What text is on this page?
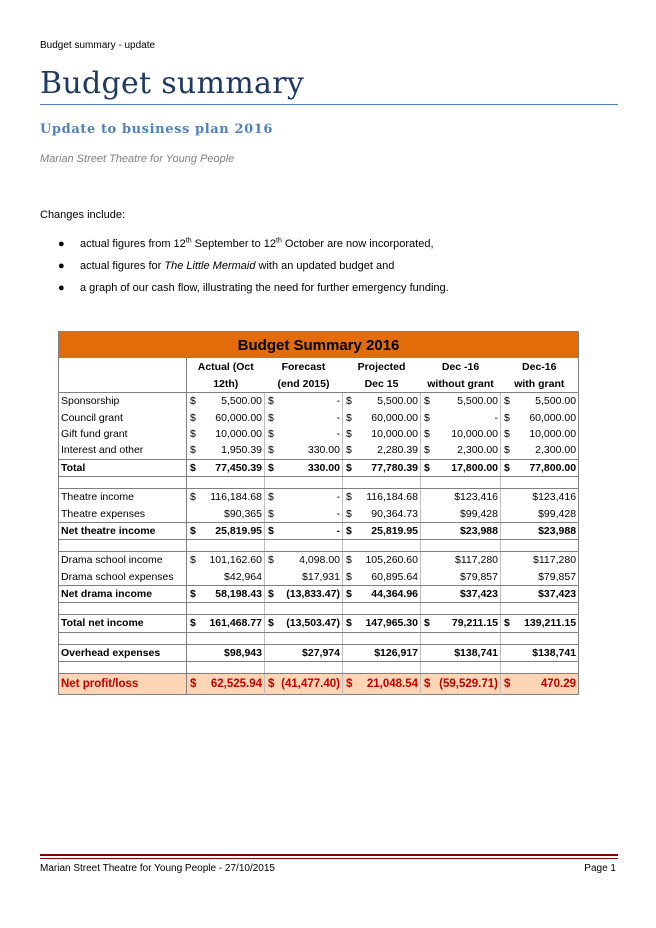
Budget summary - update
Budget summary
Update to business plan 2016
Marian Street Theatre for Young People
Changes include:
● actual figures from 12th September to 12th October are now incorporated,
● actual figures for The Little Mermaid with an updated budget and
● a graph of our cash flow, illustrating the need for further emergency funding.
Budget Summary 2016					
	Actual (Oct	Forecast	Projected	Dec -16	Dec-16
	12th)	(end 2015)	Dec 15	without grant	with grant
Sponsorship	$ 5,500.00	$ -	$ 5,500.00	$ 5,500.00	$ 5,500.00
Council grant	$ 60,000.00	$ -	$ 60,000.00	$ -	$ 60,000.00
Gift fund grant	$ 10,000.00	$ -	$ 10,000.00	$ 10,000.00	$ 10,000.00
Interest and other	$ 1,950.39	$ 330.00	$ 2,280.39	$ 2,300.00	$ 2,300.00
Total	$ 77,450.39	$ 330.00	$ 77,780.39	$ 17,800.00	$ 77,800.00

Theatre income	$ 116,184.68	$ -	$ 116,184.68	$123,416	$123,416
Theatre expenses	$90,365	$ -	$ 90,364.73	$99,428	$99,428
Net theatre income	$ 25,819.95	$ -	$ 25,819.95	$23,988	$23,988

Drama school income	$ 101,162.60	$ 4,098.00	$ 105,260.60	$117,280	$117,280
Drama school expenses	$42,964	$17,931	$ 60,895.64	$79,857	$79,857
Net drama income	$ 58,198.43	$ (13,833.47)	$ 44,364.96	$37,423	$37,423

Total net income	$ 161,468.77	$ (13,503.47)	$ 147,965.30	$ 79,211.15	$ 139,211.15

Overhead expenses	$98,943	$27,974	$126,917	$138,741	$138,741

Net profit/loss	$ 62,525.94	$ (41,477.40)	$ 21,048.54	$ (59,529.71)	$ 470.29
Marian Street Theatre for Young People - 27/10/2015	Page 1
